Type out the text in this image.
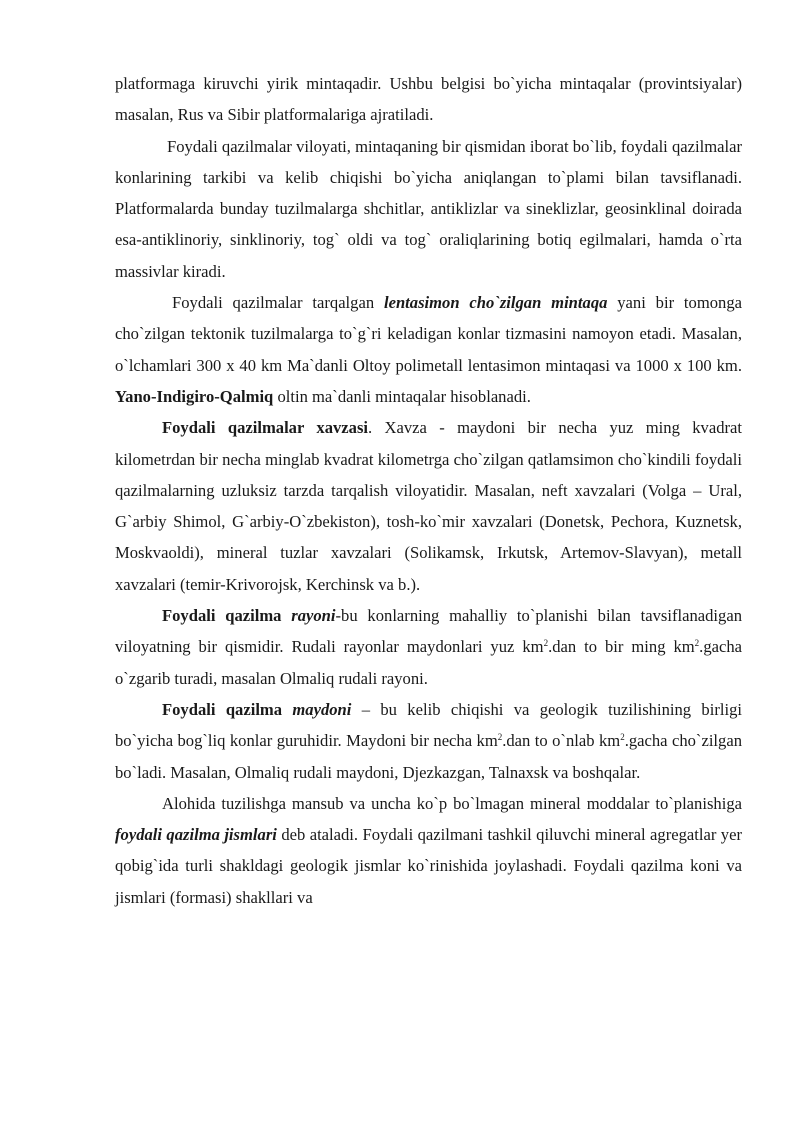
platformaga kiruvchi yirik mintaqadir. Ushbu belgisi bo`yicha mintaqalar (provintsiyalar) masalan, Rus va Sibir platformalariga ajratiladi.

Foydali qazilmalar viloyati, mintaqaning bir qismidan iborat bo`lib, foydali qazilmalar konlarining tarkibi va kelib chiqishi bo`yicha aniqlangan to`plami bilan tavsiflanadi. Platformalarda bunday tuzilmalarga shchitlar, antiklizlar va sineklizlar, geosinklinal doirada esa-antiklinoriy, sinklinoriy, tog` oldi va tog` oraliqlarining botiq egilmalari, hamda o`rta massivlar kiradi.

Foydali qazilmalar tarqalgan lentasimon cho`zilgan mintaqa yani bir tomonga cho`zilgan tektonik tuzilmalarga to`g`ri keladigan konlar tizmasini namoyon etadi. Masalan, o`lchamlari 300 x 40 km Ma`danli Oltoy polimetall lentasimon mintaqasi va 1000 x 100 km. Yano-Indigiro-Qalmiq oltin ma`danli mintaqalar hisoblanadi.

Foydali qazilmalar xavzasi. Xavza - maydoni bir necha yuz ming kvadrat kilometrdan bir necha minglab kvadrat kilometrga cho`zilgan qatlamsimon cho`kindili foydali qazilmalarning uzluksiz tarzda tarqalish viloyatidir. Masalan, neft xavzalari (Volga – Ural, G`arbiy Shimol, G`arbiy-O`zbekiston), tosh-ko`mir xavzalari (Donetsk, Pechora, Kuznetsk, Moskvaoldi), mineral tuzlar xavzalari (Solikamsk, Irkutsk, Artemov-Slavyan), metall xavzalari (temir-Krivorojsk, Kerchinsk va b.).

Foydali qazilma rayoni-bu konlarning mahalliy to`planishi bilan tavsiflanadigan viloyatning bir qismidir. Rudali rayonlar maydonlari yuz $km^2.dan$ to bir ming $km^2.gacha$ o`zgarib turadi, masalan Olmaliq rudali rayoni.

Foydali qazilma maydoni – bu kelib chiqishi va geologik tuzilishining birligi bo`yicha bog`liq konlar guruhidir. Maydoni bir necha $km^2.dan$ to o`nlab $km^2.gacha$ cho`zilgan bo`ladi. Masalan, Olmaliq rudali maydoni, Djezkazgan, Talnaxsk va boshqalar.

Alohida tuzilishga mansub va uncha ko`p bo`lmagan mineral moddalar to`planishiga foydali qazilma jismlari deb ataladi. Foydali qazilmani tashkil qiluvchi mineral agregatlar yer qobig`ida turli shakldagi geologik jismlar ko`rinishida joylashadi. Foydali qazilma koni va jismlari (formasi) shakllari va
